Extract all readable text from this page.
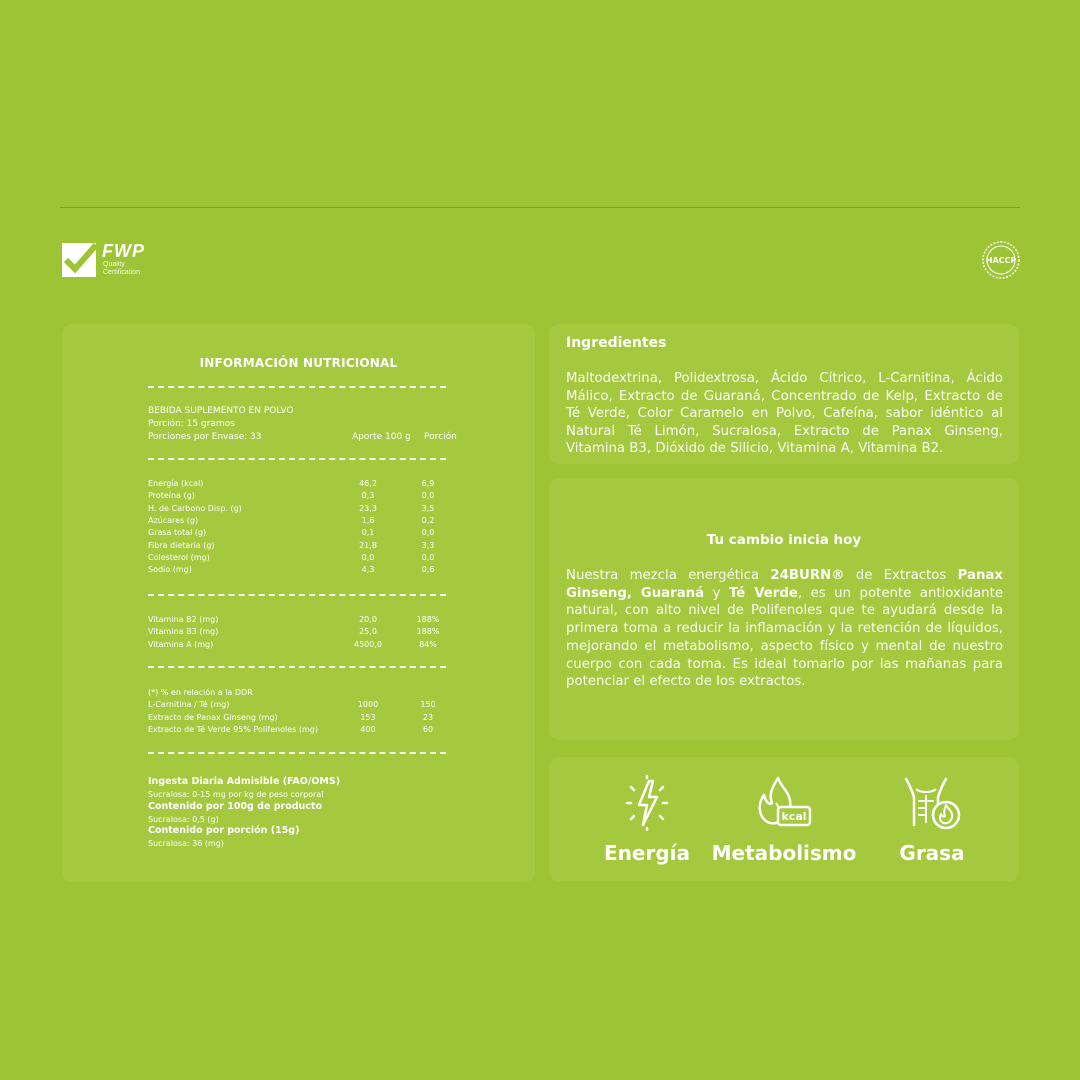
FWP
Quality
Certification
HACCP
INFORMACIÓN NUTRICIONAL
BEBIDA SUPLEMENTO EN POLVO
Porción: 15 gramos
Porciones por Envase: 33	Aporte 100 g Porción
Energía (kcal)	46,2	6,9
Proteína (g)	0,3	0,0
H. de Carbono Disp. (g)	23,3	3,5
Azúcares (g)	1,6	0,2
Grasa total (g)	0,1	0,0
Fibra dietaria (g)	21,8	3,3
Colesterol (mg)	0,0	0,0
Sodio (mg)	4,3	0,6
Vitamina B2 (mg)	20,0	188%
Vitamina B3 (mg)	25,0	188%
Vitamina A (mg)	4500,0	84%
(*) % en relación a la DDR
L-Carnitina / Té (mg)	1000	150
Extracto de Panax Ginseng (mg)	153	23
Extracto de Té Verde 95% Polifenoles (mg)	400	60
Ingesta Diaria Admisible (FAO/OMS)
Sucralosa: 0-15 mg por kg de peso corporal
Contenido por 100g de producto
Sucralosa: 0,5 (g)
Contenido por porción (15g)
Sucralosa: 36 (mg)
Ingredientes
Maltodextrina, Polidextrosa, Ácido Cítrico, L-Carnitina, Ácido Málico, Extracto de Guaraná, Concentrado de Kelp, Extracto de Té Verde, Color Caramelo en Polvo, Cafeína, sabor idéntico al Natural Té Limón, Sucralosa, Extracto de Panax Ginseng, Vitamina B3, Dióxido de Silicio, Vitamina A, Vitamina B2.
Tu cambio inicia hoy
Nuestra mezcla energética 24BURN® de Extractos Panax Ginseng, Guaraná y Té Verde, es un potente antioxidante natural, con alto nivel de Polifenoles que te ayudará desde la primera toma a reducir la inflamación y la retención de líquidos, mejorando el metabolismo, aspecto físico y mental de nuestro cuerpo con cada toma. Es ideal tomarlo por las mañanas para potenciar el efecto de los extractos.
Energía
kcal
Metabolismo	Grasa
